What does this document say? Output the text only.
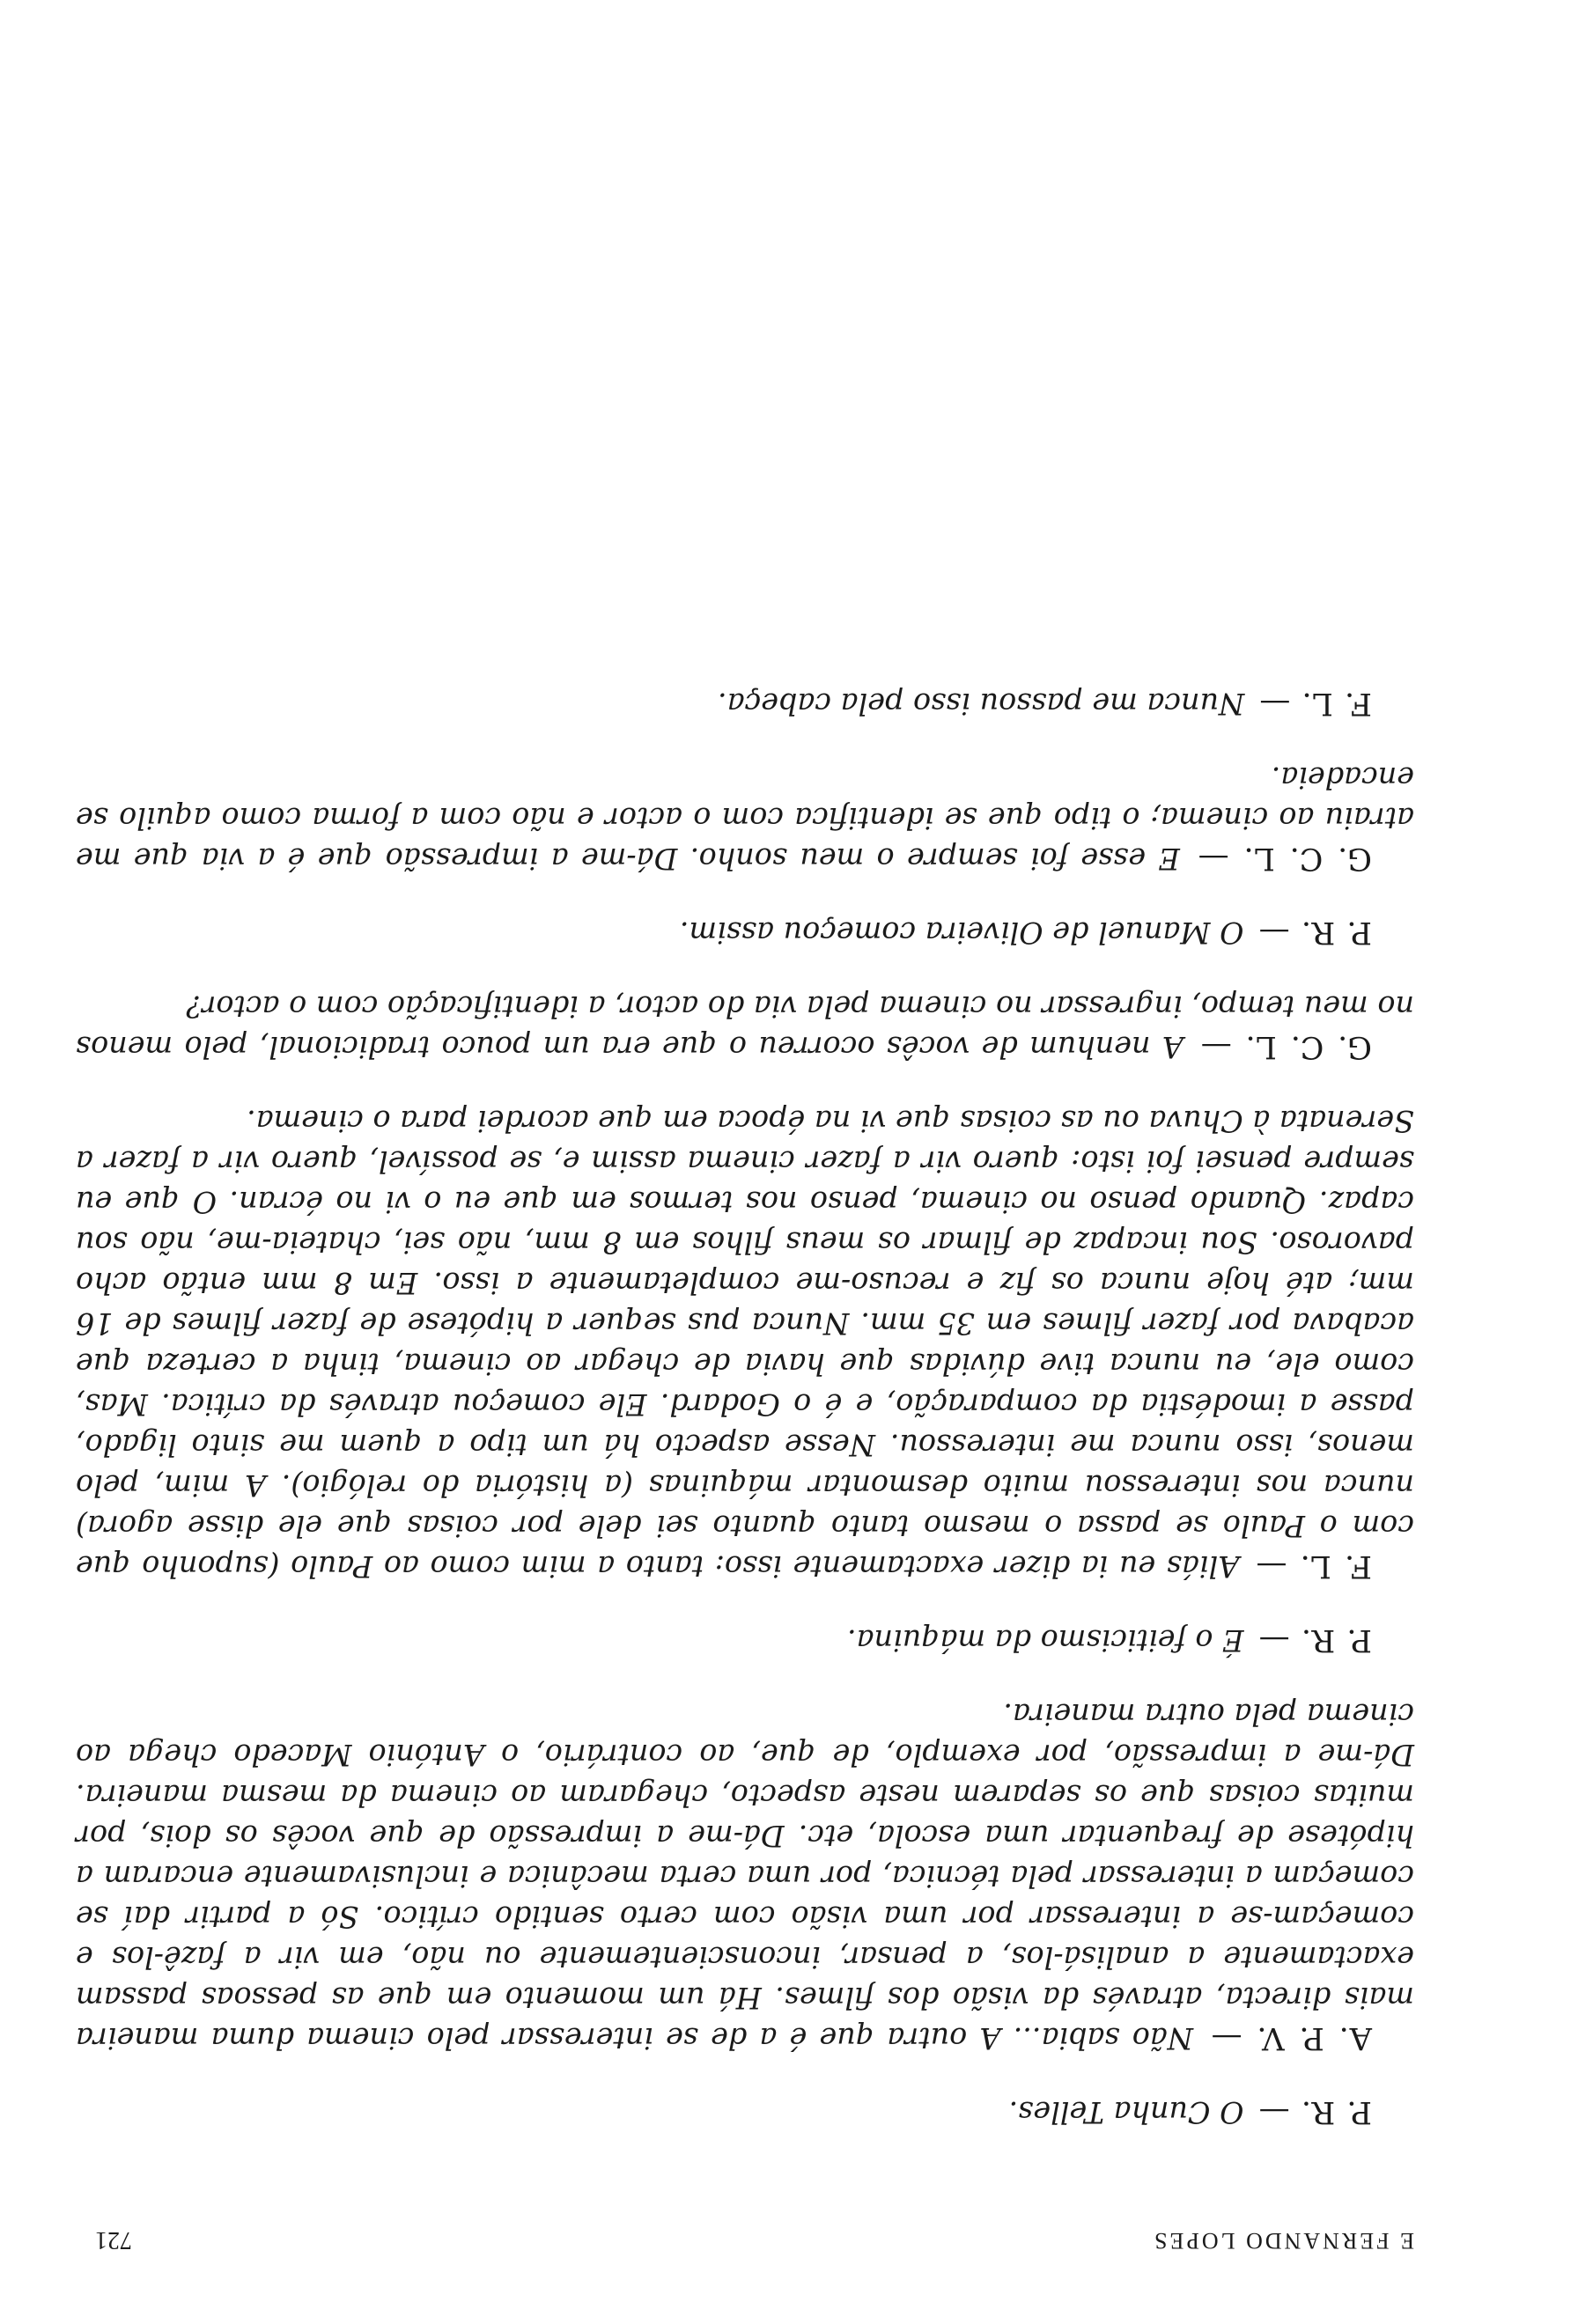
E FERNANDO LOPES
721

P. R. — O Cunha Telles.

A. P. V. — Não sabia... A outra que é a de se interessar pelo cinema duma maneira mais directa, através da visão dos filmes. Há um momento em que as pessoas passam exactamente a analisá-los, a pensar, inconscientemente ou não, em vir a fazê-los e começam-se a interessar por uma visão com certo sentido crítico. Só a partir daí se começam a interessar pela técnica, por uma certa mecânica e inclusivamente encaram a hipótese de frequentar uma escola, etc. Dá-me a impressão de que vocês os dois, por muitas coisas que os separem neste aspecto, chegaram ao cinema da mesma maneira. Dá-me a impressão, por exemplo, de que, ao contrário, o António Macedo chega ao cinema pela outra maneira.

P. R. — É o feiticismo da máquina.

F. L. — Aliás eu ia dizer exactamente isso: tanto a mim como ao Paulo (suponho que com o Paulo se passa o mesmo tanto quanto sei dele por coisas que ele disse agora) nunca nos interessou muito desmontar máquinas (a história do relógio). A mim, pelo menos, isso nunca me interessou. Nesse aspecto há um tipo a quem me sinto ligado, passe a imodéstia da comparação, e é o Godard. Ele começou através da crítica. Mas, como ele, eu nunca tive dúvidas que havia de chegar ao cinema, tinha a certeza que acabava por fazer filmes em 35 mm. Nunca pus sequer a hipótese de fazer filmes de 16 mm; até hoje nunca os fiz e recuso-me completamente a isso. Em 8 mm então acho pavoroso. Sou incapaz de filmar os meus filhos em 8 mm, não sei, chateia-me, não sou capaz. Quando penso no cinema, penso nos termos em que eu o vi no écran. O que eu sempre pensei foi isto: quero vir a fazer cinema assim e, se possível, quero vir a fazer a Serenata à Chuva ou as coisas que vi na época em que acordei para o cinema.

G. C. L. — A nenhum de vocês ocorreu o que era um pouco tradicional, pelo menos no meu tempo, ingressar no cinema pela via do actor, a identificação com o actor?

P. R. — O Manuel de Oliveira começou assim.

G. C. L. — E esse foi sempre o meu sonho. Dá-me a impressão que é a via que me atraiu ao cinema; o tipo que se identifica com o actor e não com a forma como aquilo se encadeia.

F. L. — Nunca me passou isso pela cabeça.
